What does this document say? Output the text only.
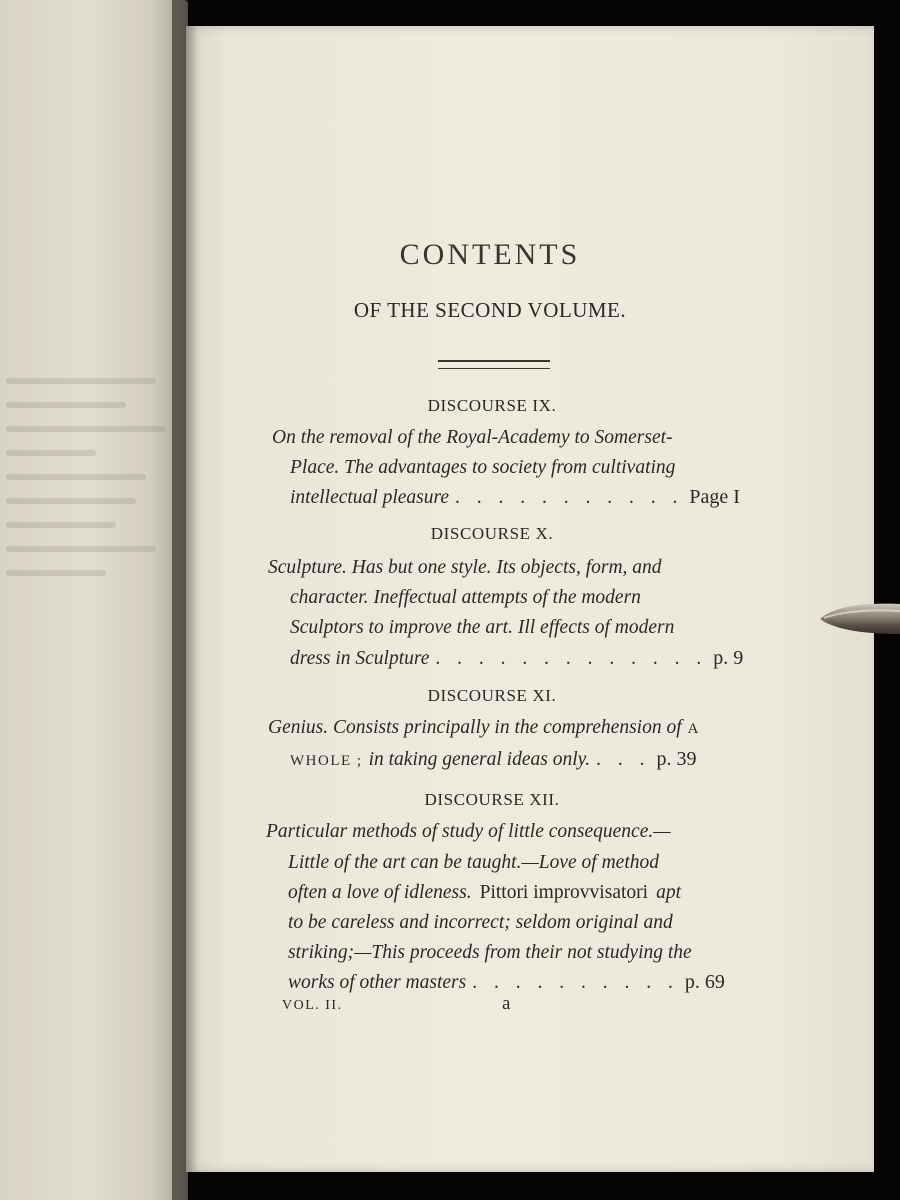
CONTENTS
OF THE SECOND VOLUME.
DISCOURSE IX.
On the removal of the Royal-Academy to Somerset-
Place. The advantages to society from cultivating
intellectual pleasure . . . . . . . . . . . Page I
DISCOURSE X.
Sculpture. Has but one style. Its objects, form, and
character. Ineffectual attempts of the modern
Sculptors to improve the art. Ill effects of modern
dress in Sculpture . . . . . . . . . . . . . p. 9
DISCOURSE XI.
Genius. Consists principally in the comprehension of A
WHOLE ; in taking general ideas only. . . . p. 39
DISCOURSE XII.
Particular methods of study of little consequence.—
Little of the art can be taught.—Love of method
often a love of idleness. Pittori improvvisatori apt
to be careless and incorrect; seldom original and
striking;—This proceeds from their not studying the
works of other masters . . . . . . . . . . p. 69
VOL. II.	a
